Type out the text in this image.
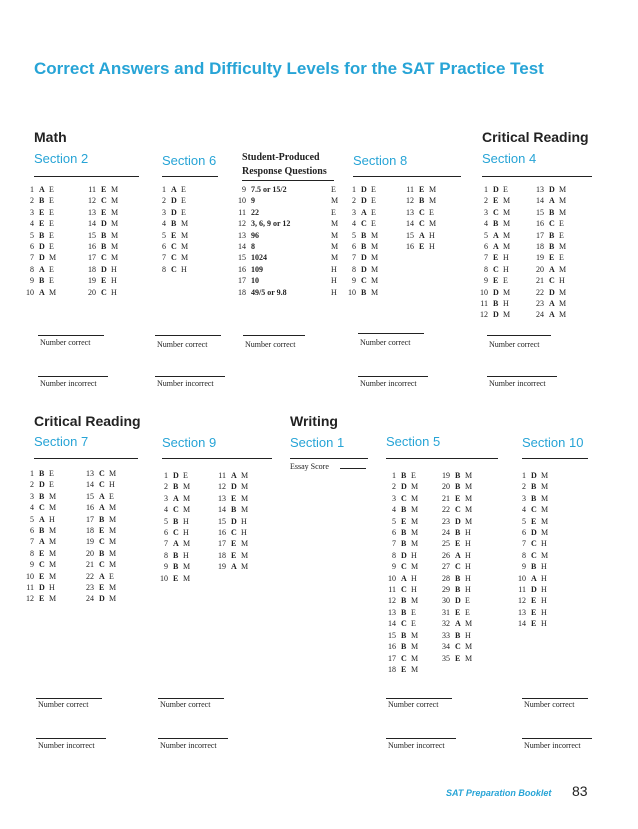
Correct Answers and Difficulty Levels for the SAT Practice Test
Math	Critical Reading
Section 2	Section 6	Student-Produced Response Questions
Section 8	Section 4
1 A E
2 B E
3 E E
4 E E
5 B E
6 D E
7 D M
8 A E
9 B E
10 A M
11 E M
12 C M
13 E M
14 D M
15 B M
16 B M
17 C M
18 D H
19 E H
20 C H
1 A E
2 D E
3 D E
4 B M
5 E M
6 C M
7 C M
8 C H
9 7.5 or 15/2	E
10 9	M
11 22	E
12 3, 6, 9 or 12	M
13 96	M
14 8	M
15 1024	M
16 109	H
17 10	H
18 49/5 or 9.8	H
1 D E
2 D E
3 A E
4 C E
5 B M
6 B M
7 D M
8 D M
9 C M
10 B M
11 E M
12 B M
13 C E
14 C M
15 A H
16 E H
1 D E
2 E M
3 C M
4 B M
5 A M
6 A M
7 E H
8 C H
9 E E
10 D M
11 B H
12 D M
13 D M
14 A M
15 B M
16 C E
17 B E
18 B M
19 E E
20 A M
21 C H
22 D M
23 A M
24 A M
Number correct
Number incorrect
Number correct
Number incorrect
Number correct	Number correct
Number incorrect
Number correct
Number incorrect
Critical Reading	Writing
Section 7	Section 9	Section 1
Essay Score
Section 5	Section 10
1 B E
2 D E
3 B M
4 C M
5 A H
6 B M
7 A M
8 E M
9 C M
10 E M
11 D H
12 E M
13 C M
14 C H
15 A E
16 A M
17 B M
18 E M
19 C M
20 B M
21 C M
22 A E
23 E M
24 D M
1 D E
2 B M
3 A M
4 C M
5 B H
6 C H
7 A M
8 B H
9 B M
10 E M
11 A M
12 D M
13 E M
14 B M
15 D H
16 C H
17 E M
18 E M
19 A M
1 B E
2 D M
3 C M
4 B M
5 E M
6 B M
7 B M
8 D H
9 C M
10 A H
11 C H
12 B M
13 B E
14 C E
15 B M
16 B M
17 C M
18 E M
19 B M
20 B M
21 E M
22 C M
23 D M
24 B H
25 E H
26 A H
27 C H
28 B H
29 B H
30 D E
31 E E
32 A M
33 B H
34 C M
35 E M
1 D M
2 B M
3 B M
4 C M
5 E M
6 D M
7 C H
8 C M
9 B H
10 A H
11 D H
12 E H
13 E H
14 E H
Number correct
Number incorrect
Number correct
Number incorrect
Number correct
Number incorrect
Number correct
Number incorrect
SAT Preparation Booklet 83
